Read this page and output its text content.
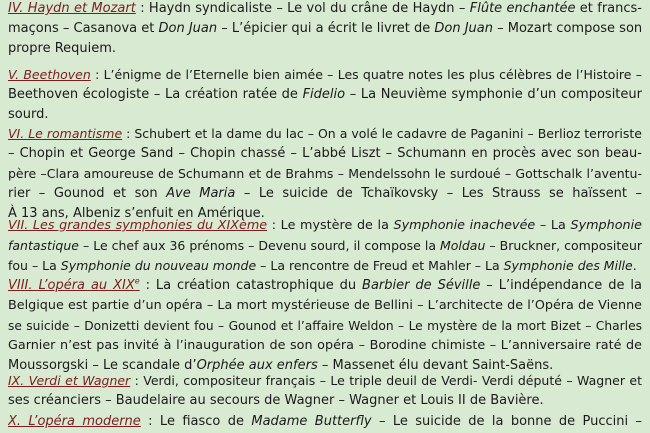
IV. Haydn et Mozart : Haydn syndicaliste – Le vol du crâne de Haydn – Flûte enchantée et francs-
maçons – Casanova et Don Juan – L’épicier qui a écrit le livret de Don Juan – Mozart compose son
propre Requiem.
V. Beethoven : L’énigme de l’Eternelle bien aimée – Les quatre notes les plus célèbres de l’Histoire –
Beethoven écologiste – La création ratée de Fidelio – La Neuvième symphonie d’un compositeur
sourd.
VI. Le romantisme : Schubert et la dame du lac – On a volé le cadavre de Paganini – Berlioz terroriste
– Chopin et George Sand – Chopin chassé – L’abbé Liszt – Schumann en procès avec son beau-
père –Clara amoureuse de Schumann et de Brahms – Mendelssohn le surdoué – Gottschalk l’aventu-
rier – Gounod et son Ave Maria – Le suicide de Tchaïkovsky – Les Strauss se haïssent –
À 13 ans, Albeniz s’enfuit en Amérique.
VII. Les grandes symphonies du XIXème : Le mystère de la Symphonie inachevée – La Symphonie
fantastique – Le chef aux 36 prénoms – Devenu sourd, il compose la Moldau – Bruckner, compositeur
fou – La Symphonie du nouveau monde – La rencontre de Freud et Mahler – La Symphonie des Mille.
VIII. L’opéra au XIXe : La création catastrophique du Barbier de Séville – L’indépendance de la
Belgique est partie d’un opéra – La mort mystérieuse de Bellini – L’architecte de l’Opéra de Vienne
se suicide – Donizetti devient fou – Gounod et l’affaire Weldon – Le mystère de la mort Bizet – Charles
Garnier n’est pas invité à l’inauguration de son opéra – Borodine chimiste – L’anniversaire raté de
Moussorgski – Le scandale d’Orphée aux enfers – Massenet élu devant Saint-Saëns.
IX. Verdi et Wagner : Verdi, compositeur français – Le triple deuil de Verdi- Verdi député – Wagner et
ses créanciers – Baudelaire au secours de Wagner – Wagner et Louis II de Bavière.
X. L’opéra moderne : Le fiasco de Madame Butterfly – Le suicide de la bonne de Puccini –
